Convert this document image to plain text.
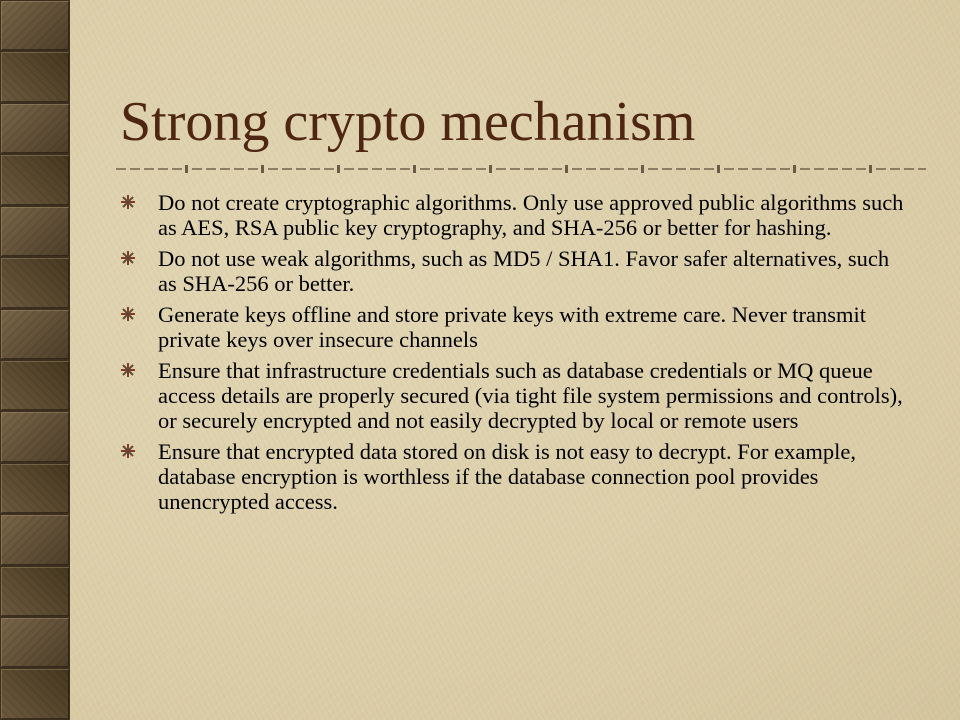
Strong crypto mechanism
Do not create cryptographic algorithms. Only use approved public algorithms such as AES, RSA public key cryptography, and SHA-256 or better for hashing.
Do not use weak algorithms, such as MD5 / SHA1. Favor safer alternatives, such as SHA-256 or better.
Generate keys offline and store private keys with extreme care. Never transmit private keys over insecure channels
Ensure that infrastructure credentials such as database credentials or MQ queue access details are properly secured (via tight file system permissions and controls), or securely encrypted and not easily decrypted by local or remote users
Ensure that encrypted data stored on disk is not easy to decrypt. For example, database encryption is worthless if the database connection pool provides unencrypted access.
